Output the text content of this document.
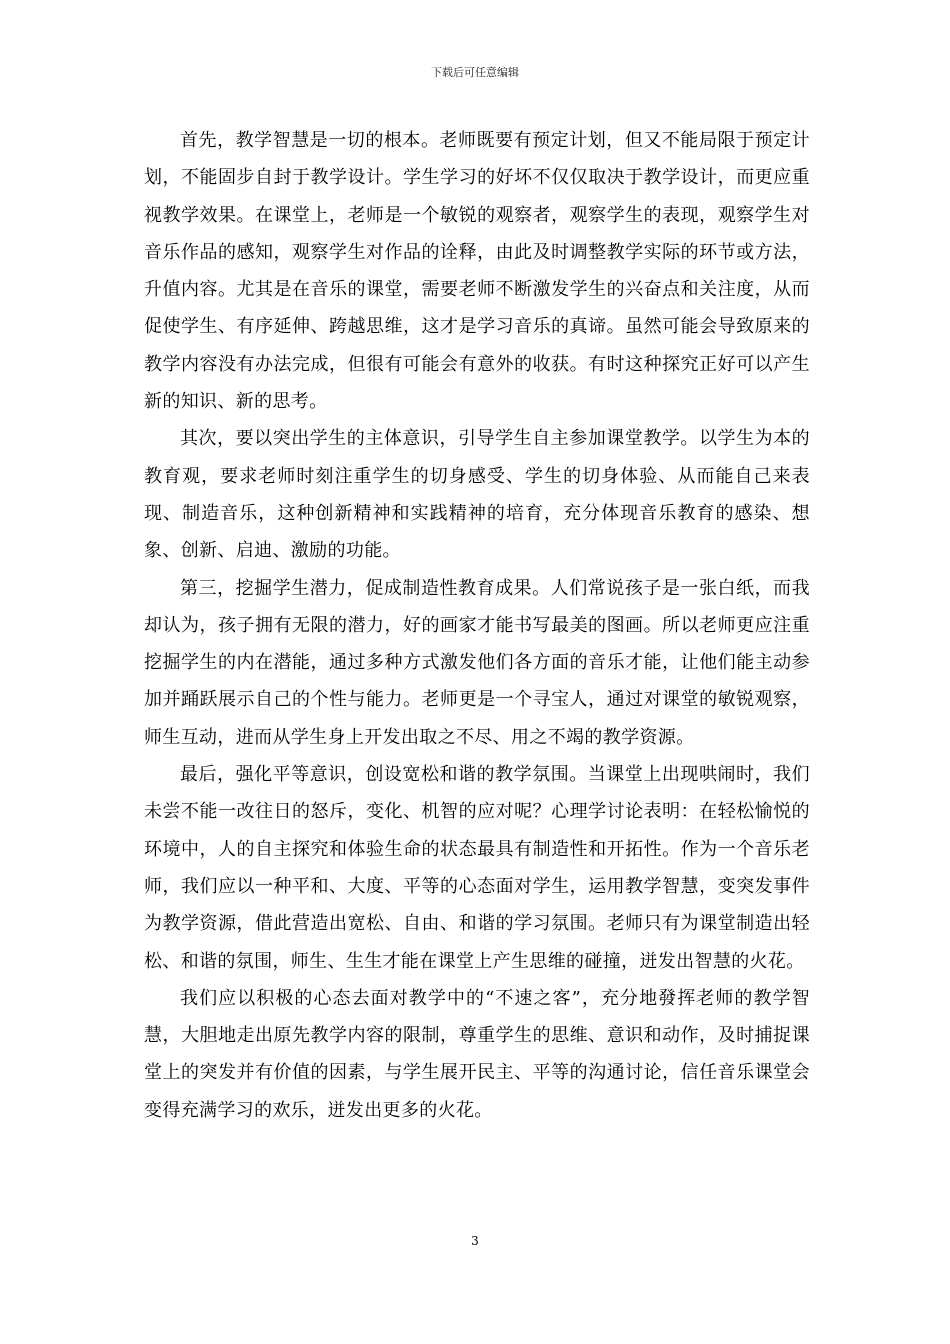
下载后可任意编辑

首先，教学智慧是一切的根本。老师既要有预定计划，但又不能局限于预定计划，不能固步自封于教学设计。学生学习的好坏不仅仅取决于教学设计，而更应重视教学效果。在课堂上，老师是一个敏锐的观察者，观察学生的表现，观察学生对音乐作品的感知，观察学生对作品的诠释，由此及时调整教学实际的环节或方法，升值内容。尤其是在音乐的课堂，需要老师不断激发学生的兴奋点和关注度，从而促使学生、有序延伸、跨越思维，这才是学习音乐的真谛。虽然可能会导致原来的教学内容没有办法完成，但很有可能会有意外的收获。有时这种探究正好可以产生新的知识、新的思考。

其次，要以突出学生的主体意识，引导学生自主参加课堂教学。以学生为本的教育观，要求老师时刻注重学生的切身感受、学生的切身体验、从而能自己来表现、制造音乐，这种创新精神和实践精神的培育，充分体现音乐教育的感染、想象、创新、启迪、激励的功能。

第三，挖掘学生潜力，促成制造性教育成果。人们常说孩子是一张白纸，而我却认为，孩子拥有无限的潜力，好的画家才能书写最美的图画。所以老师更应注重挖掘学生的内在潜能，通过多种方式激发他们各方面的音乐才能，让他们能主动参加并踊跃展示自己的个性与能力。老师更是一个寻宝人，通过对课堂的敏锐观察，师生互动，进而从学生身上开发出取之不尽、用之不竭的教学资源。

最后，强化平等意识，创设宽松和谐的教学氛围。当课堂上出现哄闹时，我们未尝不能一改往日的怒斥，变化、机智的应对呢？心理学讨论表明：在轻松愉悦的环境中，人的自主探究和体验生命的状态最具有制造性和开拓性。作为一个音乐老师，我们应以一种平和、大度、平等的心态面对学生，运用教学智慧，变突发事件为教学资源，借此营造出宽松、自由、和谐的学习氛围。老师只有为课堂制造出轻松、和谐的氛围，师生、生生才能在课堂上产生思维的碰撞，迸发出智慧的火花。

我们应以积极的心态去面对教学中的“不速之客”，充分地發挥老师的教学智慧，大胆地走出原先教学内容的限制，尊重学生的思维、意识和动作，及时捕捉课堂上的突发并有价值的因素，与学生展开民主、平等的沟通讨论，信任音乐课堂会变得充满学习的欢乐，迸发出更多的火花。

3
